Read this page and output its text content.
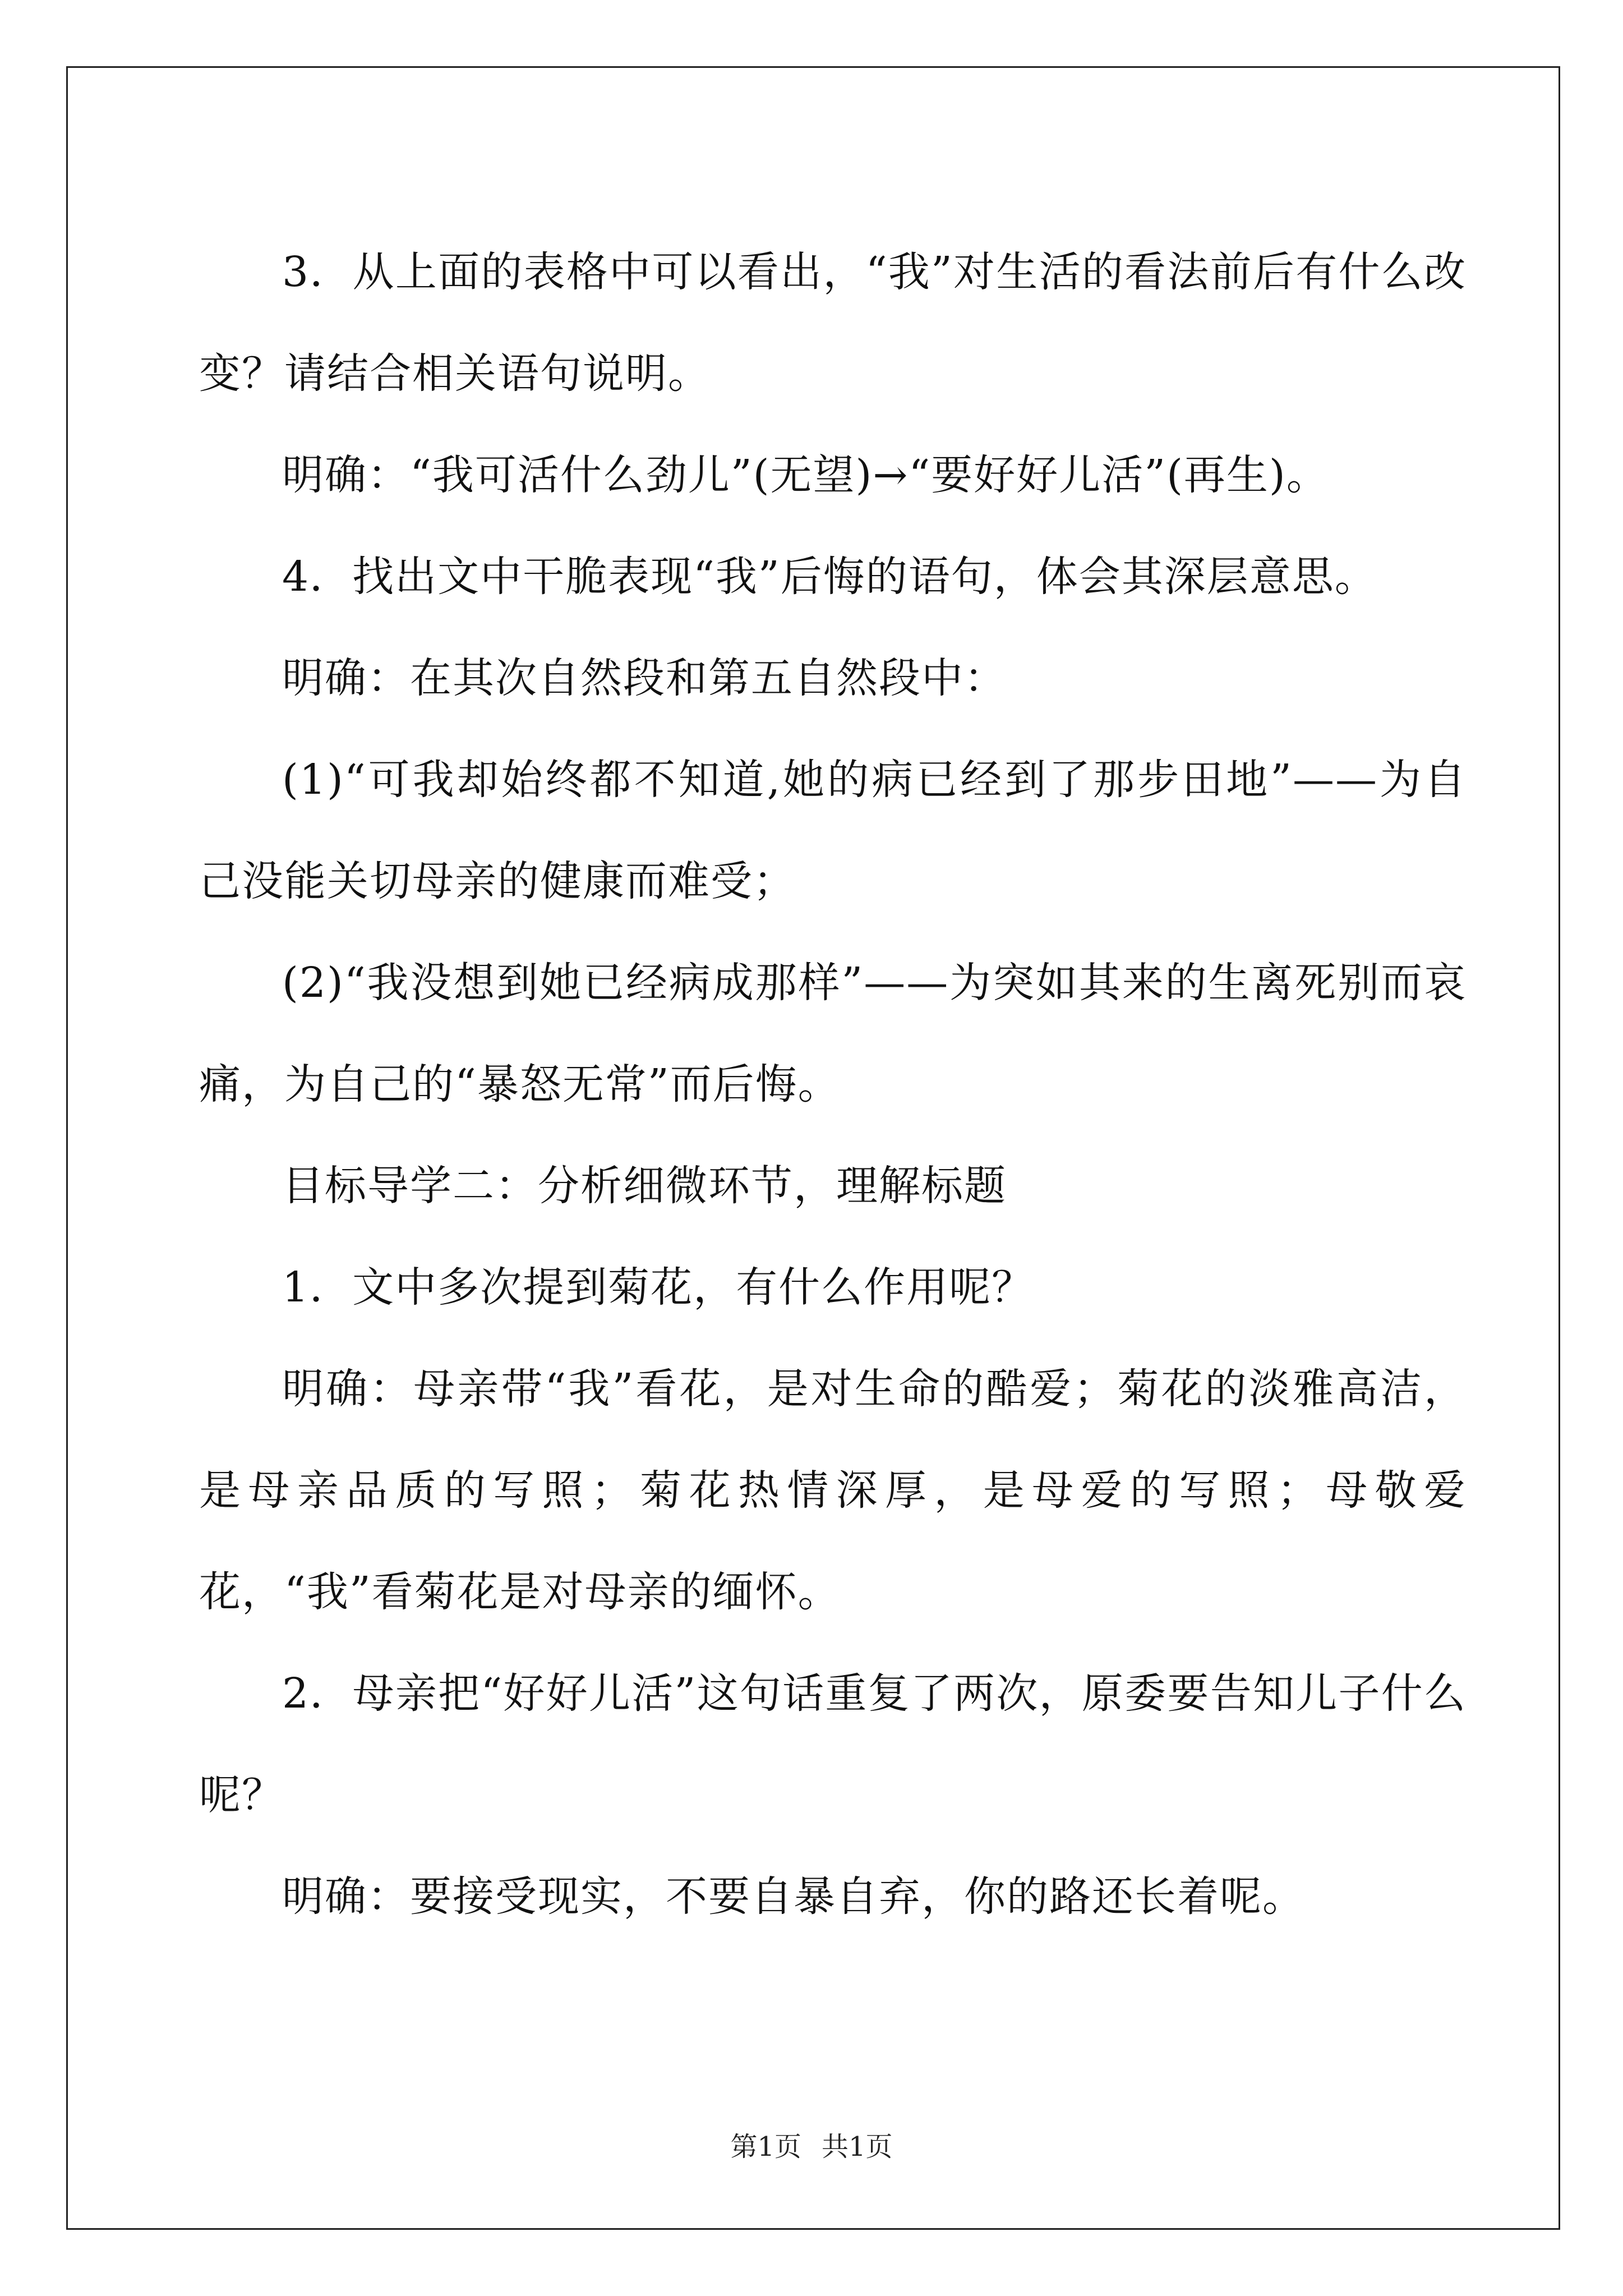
3．从上面的表格中可以看出，“我”对生活的看法前后有什么改变？请结合相关语句说明。

明确：“我可活什么劲儿”(无望)→“要好好儿活”(再生)。

4．找出文中干脆表现“我”后悔的语句，体会其深层意思。

明确：在其次自然段和第五自然段中：

(1)“可我却始终都不知道,她的病已经到了那步田地”——为自己没能关切母亲的健康而难受；

(2)“我没想到她已经病成那样”——为突如其来的生离死别而哀痛，为自己的“暴怒无常”而后悔。

目标导学二：分析细微环节，理解标题

1．文中多次提到菊花，有什么作用呢？

明确：母亲带“我”看花，是对生命的酷爱；菊花的淡雅高洁，是母亲品质的写照；菊花热情深厚，是母爱的写照；母敬爱花，“我”看菊花是对母亲的缅怀。

2．母亲把“好好儿活”这句话重复了两次，原委要告知儿子什么呢？

明确：要接受现实，不要自暴自弃，你的路还长着呢。

第1页 共1页
